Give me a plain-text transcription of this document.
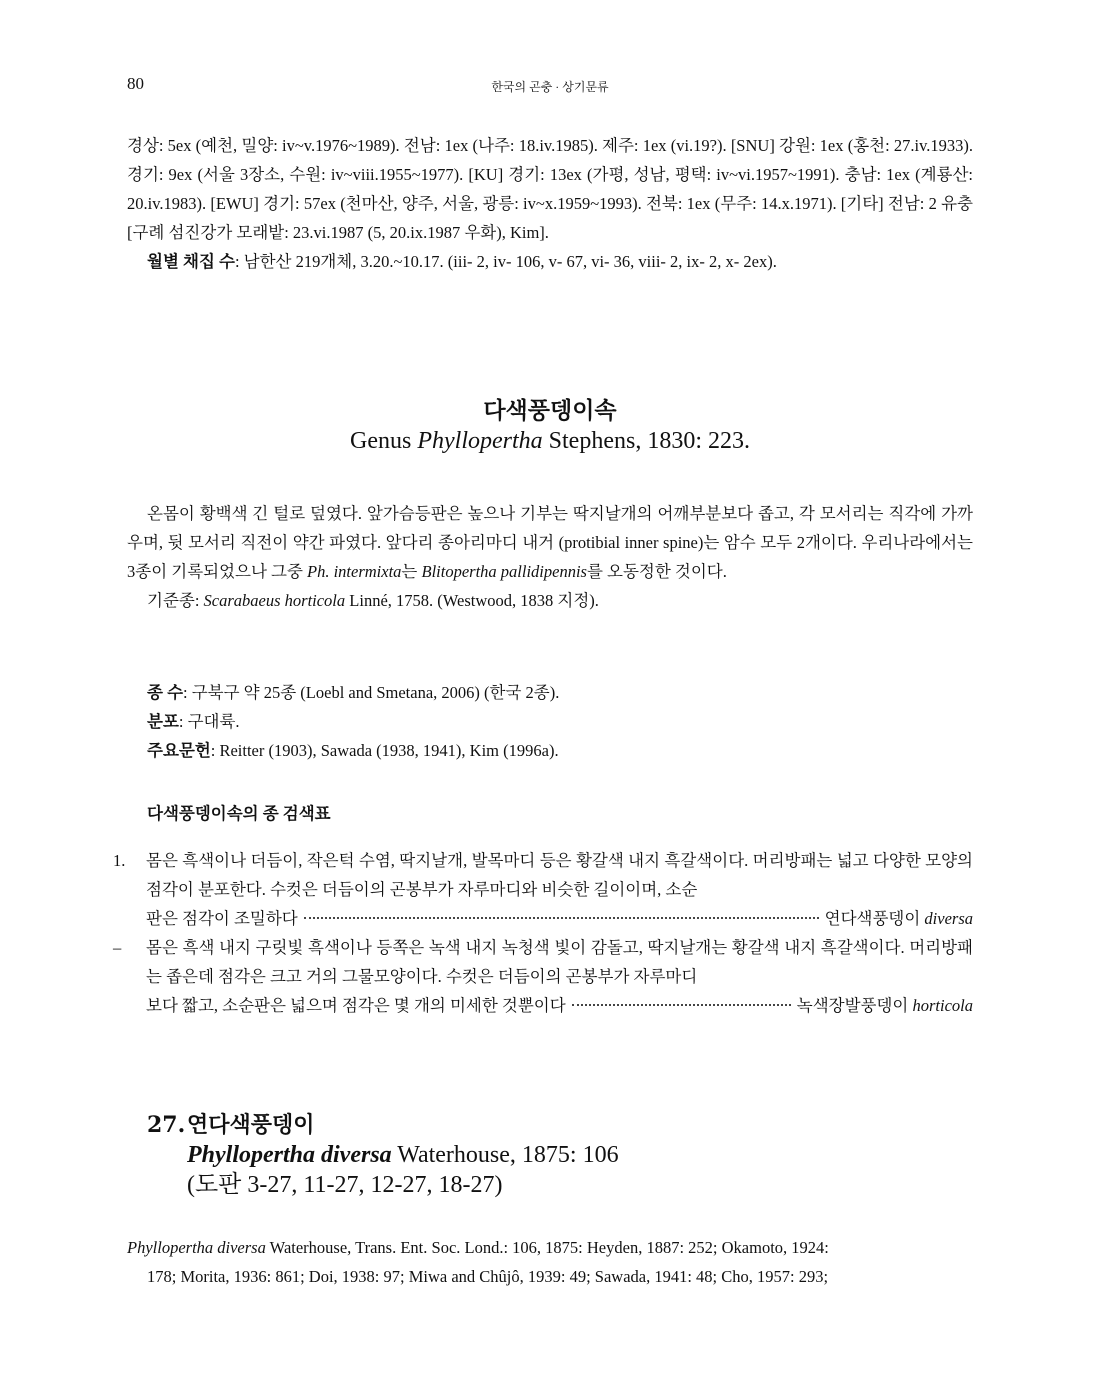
80	한국의 곤충 · 상기문류
경상: 5ex (예천, 밀양: iv~v.1976~1989). 전남: 1ex (나주: 18.iv.1985). 제주: 1ex (vi.19?). [SNU] 강원: 1ex (홍천: 27.iv.1933). 경기: 9ex (서울 3장소, 수원: iv~viii.1955~1977). [KU] 경기: 13ex (가평, 성남, 평택: iv~vi.1957~1991). 충남: 1ex (계룡산: 20.iv.1983). [EWU] 경기: 57ex (천마산, 양주, 서울, 광릉: iv~x.1959~1993). 전북: 1ex (무주: 14.x.1971). [기타] 전남: 2 유충 [구례 섬진강가 모래밭: 23.vi.1987 (5, 20.ix.1987 우화), Kim].
월별 채집 수: 남한산 219개체, 3.20.~10.17. (iii- 2, iv- 106, v- 67, vi- 36, viii- 2, ix- 2, x- 2ex).
다색풍뎅이속
Genus Phyllopertha Stephens, 1830: 223.
온몸이 황백색 긴 털로 덮였다. 앞가슴등판은 높으나 기부는 딱지날개의 어깨부분보다 좁고, 각 모서리는 직각에 가까우며, 뒷 모서리 직전이 약간 파였다. 앞다리 종아리마디 내거 (protibial inner spine)는 암수 모두 2개이다. 우리나라에서는 3종이 기록되었으나 그중 Ph. intermixta는 Blitopertha pallidipennis를 오동정한 것이다.
기준종: Scarabaeus horticola Linné, 1758. (Westwood, 1838 지정).
종 수: 구북구 약 25종 (Loebl and Smetana, 2006) (한국 2종).
분포: 구대륙.
주요문헌: Reitter (1903), Sawada (1938, 1941), Kim (1996a).
다색풍뎅이속의 종 검색표
1.	몸은 흑색이나 더듬이, 작은턱 수염, 딱지날개, 발목마디 등은 황갈색 내지 흑갈색이다. 머리방패는 넓고 다양한 모양의 점각이 분포한다. 수컷은 더듬이의 곤봉부가 자루마디와 비슷한 길이이며, 소순
판은 점각이 조밀하다	연다색풍뎅이 diversa
–	몸은 흑색 내지 구릿빛 흑색이나 등쪽은 녹색 내지 녹청색 빛이 감돌고, 딱지날개는 황갈색 내지 흑갈색이다. 머리방패는 좁은데 점각은 크고 거의 그물모양이다. 수컷은 더듬이의 곤봉부가 자루마디
보다 짧고, 소순판은 넓으며 점각은 몇 개의 미세한 것뿐이다	녹색장발풍뎅이 horticola
27.연다색풍뎅이
Phyllopertha diversa Waterhouse, 1875: 106
(도판 3-27, 11-27, 12-27, 18-27)
Phyllopertha diversa Waterhouse, Trans. Ent. Soc. Lond.: 106, 1875: Heyden, 1887: 252; Okamoto, 1924:
178; Morita, 1936: 861; Doi, 1938: 97; Miwa and Chûjô, 1939: 49; Sawada, 1941: 48; Cho, 1957: 293;
